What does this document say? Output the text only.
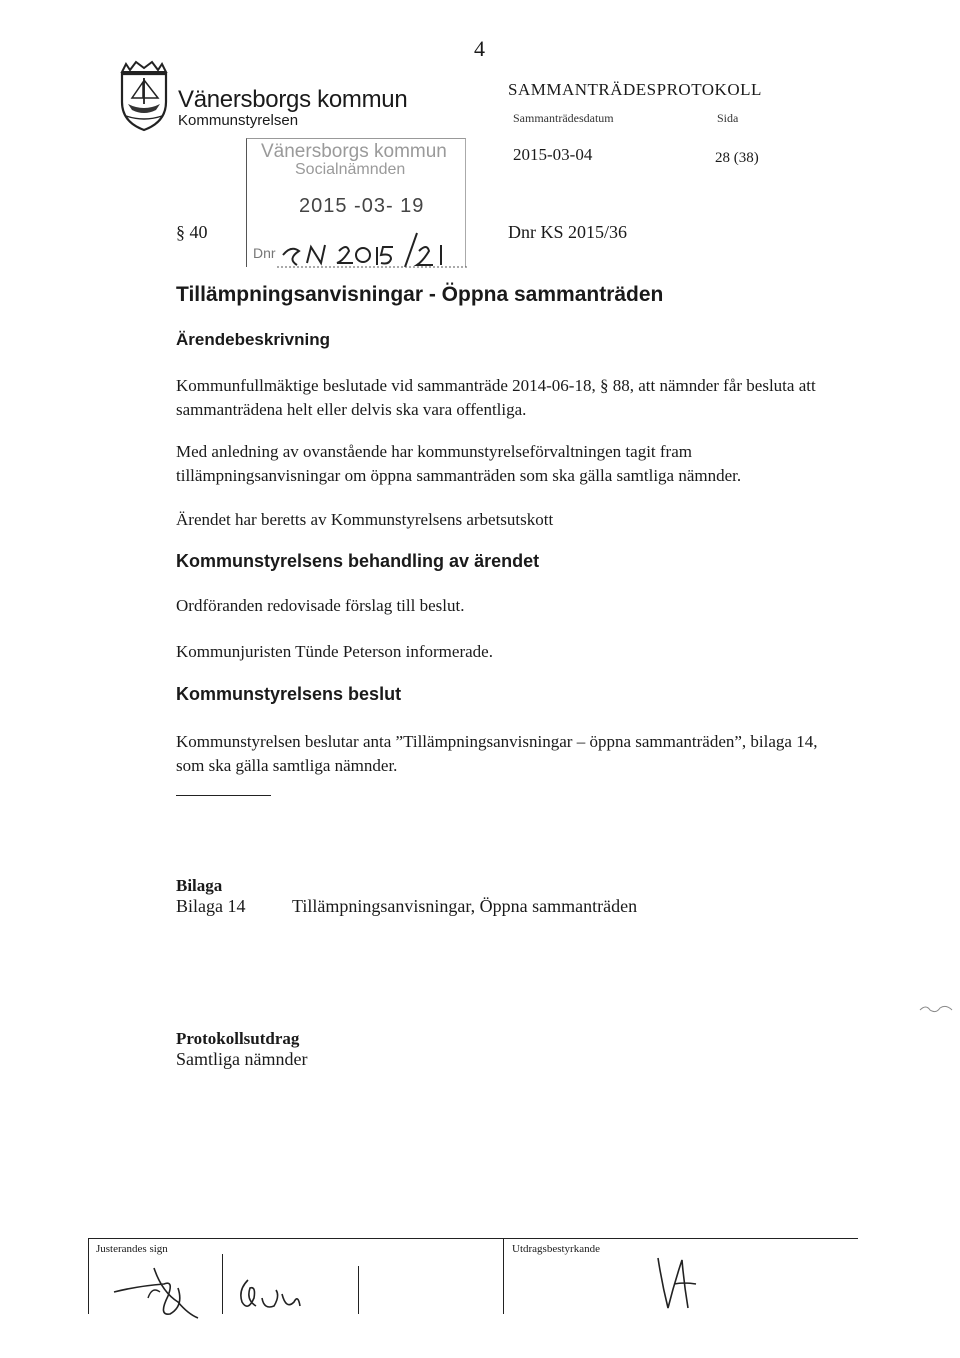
4
Vänersborgs kommun
Kommunstyrelsen
SAMMANTRÄDESPROTOKOLL
Sammanträdesdatum	Sida
2015-03-04	28 (38)
Vänersborgs kommun
Socialnämnden
2015 -03- 19
Dnr
§ 40	Dnr KS 2015/36
Tillämpningsanvisningar - Öppna sammanträden
Ärendebeskrivning
Kommunfullmäktige beslutade vid sammanträde 2014-06-18, § 88, att nämnder får besluta att sammanträdena helt eller delvis ska vara offentliga.
Med anledning av ovanstående har kommunstyrelseförvaltningen tagit fram tillämpningsanvisningar om öppna sammanträden som ska gälla samtliga nämnder.
Ärendet har beretts av Kommunstyrelsens arbetsutskott
Kommunstyrelsens behandling av ärendet
Ordföranden redovisade förslag till beslut.
Kommunjuristen Tünde Peterson informerade.
Kommunstyrelsens beslut
Kommunstyrelsen beslutar anta ”Tillämpningsanvisningar – öppna sammanträden”, bilaga 14, som ska gälla samtliga nämnder.
Bilaga
Bilaga 14	Tillämpningsanvisningar, Öppna sammanträden
Protokollsutdrag
Samtliga nämnder
Justerandes sign	Utdragsbestyrkande
